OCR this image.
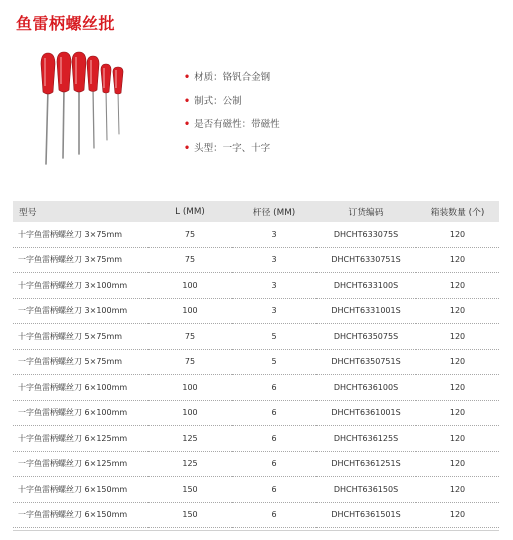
鱼雷柄螺丝批
• 材质：铬钒合金钢
• 制式：公制
• 是否有磁性：带磁性
• 头型：一字、十字
型号	L (MM)	杆径 (MM)	订货编码	箱装数量 (个)
十字鱼雷柄螺丝刀 3×75mm	75	3	DHCHT633075S	120
一字鱼雷柄螺丝刀 3×75mm	75	3	DHCHT6330751S	120
十字鱼雷柄螺丝刀 3×100mm	100	3	DHCHT633100S	120
一字鱼雷柄螺丝刀 3×100mm	100	3	DHCHT6331001S	120
十字鱼雷柄螺丝刀 5×75mm	75	5	DHCHT635075S	120
一字鱼雷柄螺丝刀 5×75mm	75	5	DHCHT6350751S	120
十字鱼雷柄螺丝刀 6×100mm	100	6	DHCHT636100S	120
一字鱼雷柄螺丝刀 6×100mm	100	6	DHCHT6361001S	120
十字鱼雷柄螺丝刀 6×125mm	125	6	DHCHT636125S	120
一字鱼雷柄螺丝刀 6×125mm	125	6	DHCHT6361251S	120
十字鱼雷柄螺丝刀 6×150mm	150	6	DHCHT636150S	120
一字鱼雷柄螺丝刀 6×150mm	150	6	DHCHT6361501S	120
